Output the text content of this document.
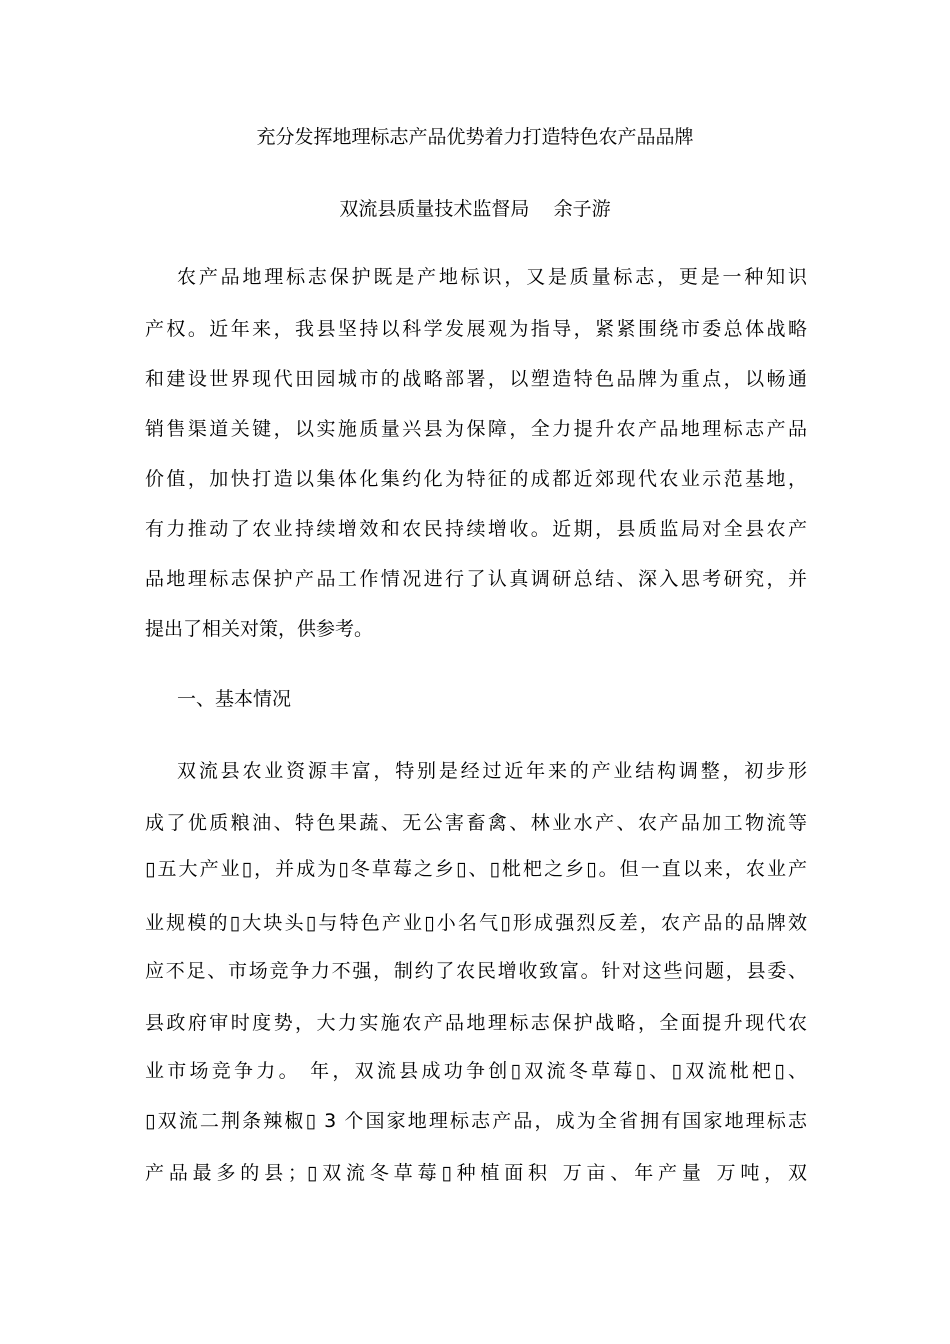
充分发挥地理标志产品优势着力打造特色农产品品牌

双流县质量技术监督局    余子游

农产品地理标志保护既是产地标识，又是质量标志，更是一种知识

产权。近年来，我县坚持以科学发展观为指导，紧紧围绕市委总体战略

和建设世界现代田园城市的战略部署，以塑造特色品牌为重点，以畅通

销售渠道关键，以实施质量兴县为保障，全力提升农产品地理标志产品

价值，加快打造以集体化集约化为特征的成都近郊现代农业示范基地，

有力推动了农业持续增效和农民持续增收。近期，县质监局对全县农产

品地理标志保护产品工作情况进行了认真调研总结、深入思考研究，并

提出了相关对策，供参考。

一、基本情况

双流县农业资源丰富，特别是经过近年来的产业结构调整，初步形

成了优质粮油、特色果蔬、无公害畜禽、林业水产、农产品加工物流等

▯五大产业▯，并成为▯冬草莓之乡▯、▯枇杷之乡▯。但一直以来，农业产

业规模的▯大块头▯与特色产业▯小名气▯形成强烈反差，农产品的品牌效

应不足、市场竞争力不强，制约了农民增收致富。针对这些问题，县委、

县政府审时度势，大力实施农产品地理标志保护战略，全面提升现代农

业市场竞争力。 年，双流县成功争创▯双流冬草莓▯、▯双流枇杷▯、

▯双流二荆条辣椒▯ 3 个国家地理标志产品，成为全省拥有国家地理标志

产品最多的县；▯双流冬草莓▯种植面积 万亩、年产量 万吨，双
